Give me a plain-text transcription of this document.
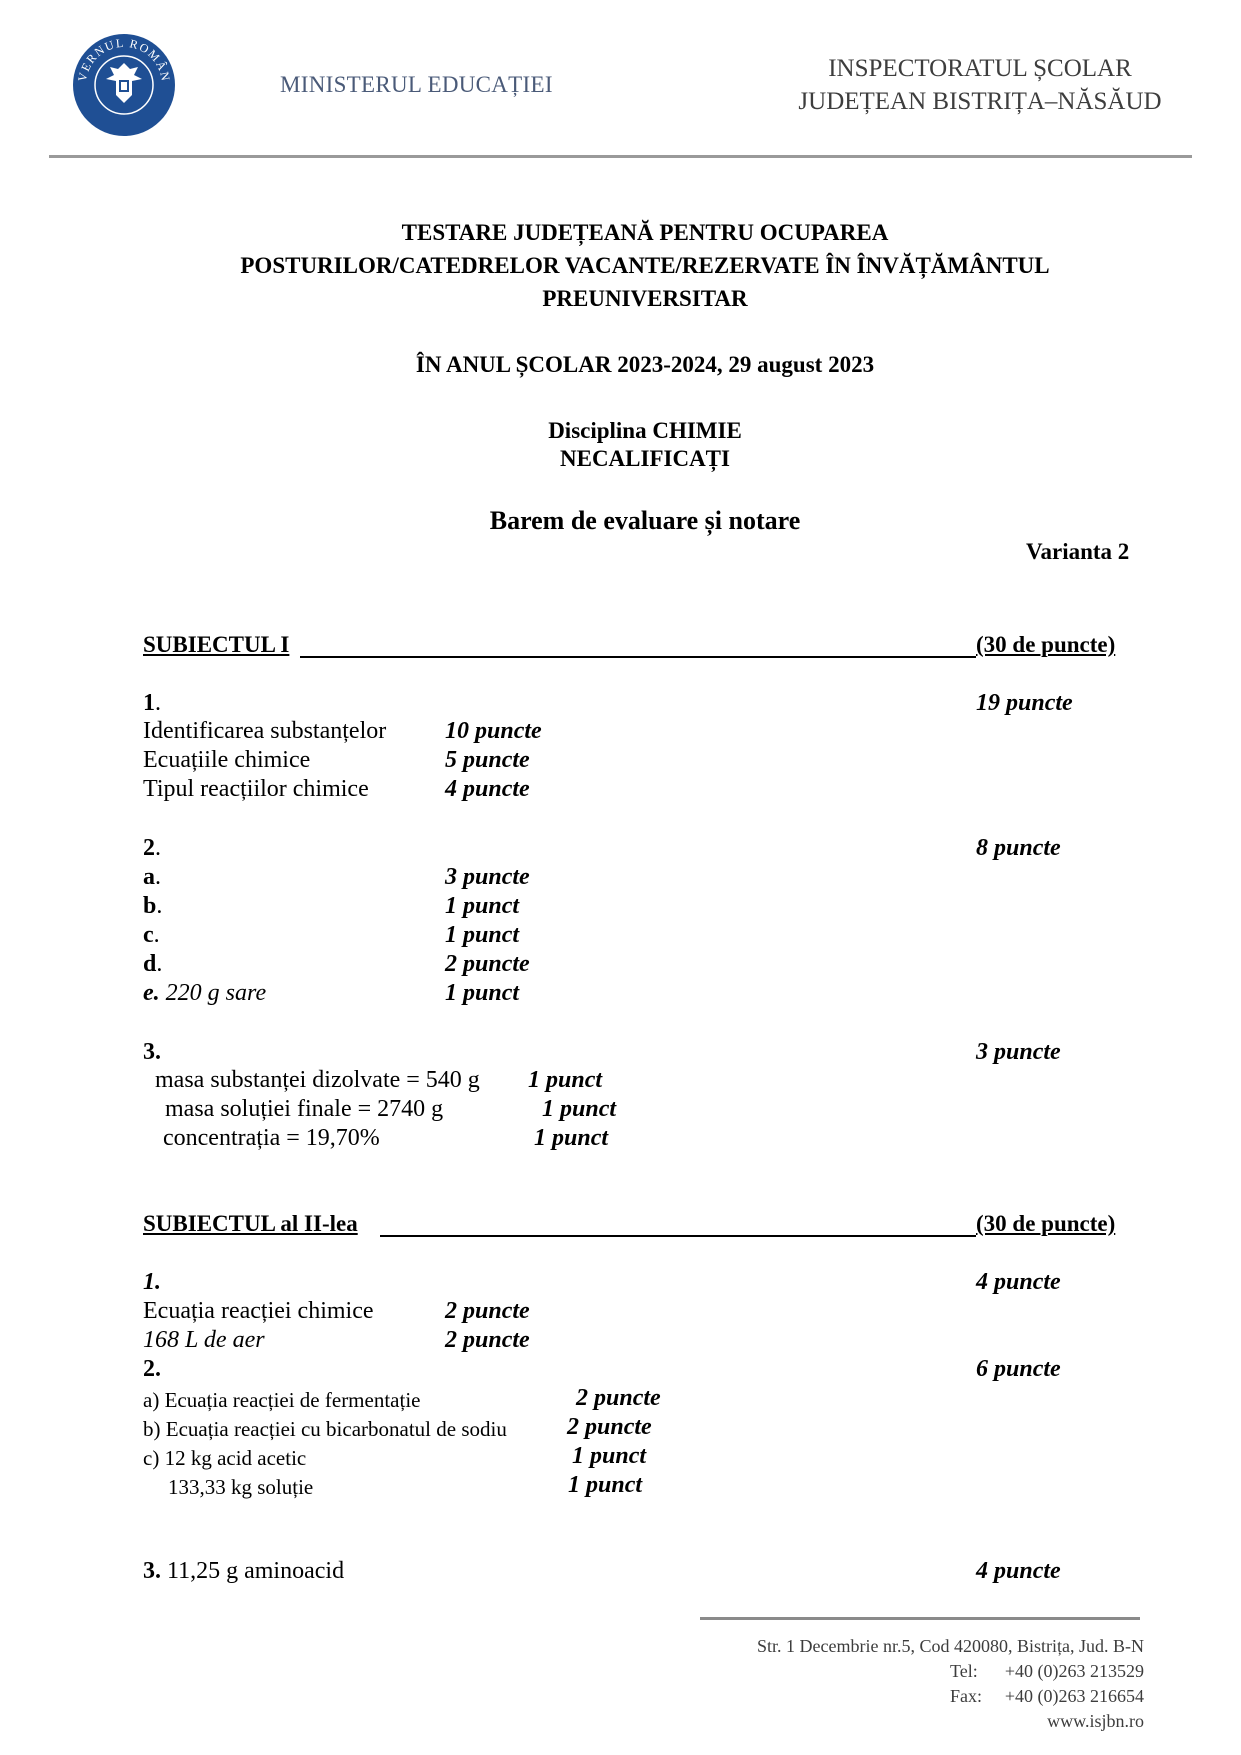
VERNUL ROMÂN	MINISTERUL EDUCAȚIEI
INSPECTORATUL ȘCOLAR
JUDEȚEAN BISTRIȚA–NĂSĂUD
TESTARE JUDEȚEANĂ PENTRU OCUPAREA
POSTURILOR/CATEDRELOR VACANTE/REZERVATE ÎN ÎNVĂȚĂMÂNTUL
PREUNIVERSITAR
ÎN ANUL ȘCOLAR 2023-2024, 29 august 2023
Disciplina CHIMIE
NECALIFICAȚI
Barem de evaluare și notare
Varianta 2
SUBIECTUL I	(30 de puncte)
1.	19 puncte
Identificarea substanțelor 10 puncte
Ecuațiile chimice	5 puncte
Tipul reacțiilor chimice	4 puncte
2.	8 puncte
a.	3 puncte
b.	1 punct
c.	1 punct
d.	2 puncte
e. 220 g sare	1 punct
3.	3 puncte
masa substanței dizolvate = 540 g 1 punct
masa soluției finale = 2740 g	1 punct
concentrația = 19,70%	1 punct
SUBIECTUL al II-lea	(30 de puncte)
1.	4 puncte
Ecuația reacției chimice	2 puncte
168 L de aer	2 puncte
2.	6 puncte
a) Ecuația reacției de fermentație	2 puncte
b) Ecuația reacției cu bicarbonatul de sodiu	2 puncte
c) 12 kg acid acetic	1 punct
133,33 kg soluție	1 punct
3. 11,25 g aminoacid	4 puncte
Str. 1 Decembrie nr.5, Cod 420080, Bistrița, Jud. B-N
Tel:	+40 (0)263 213529
Fax:	+40 (0)263 216654
www.isjbn.ro
